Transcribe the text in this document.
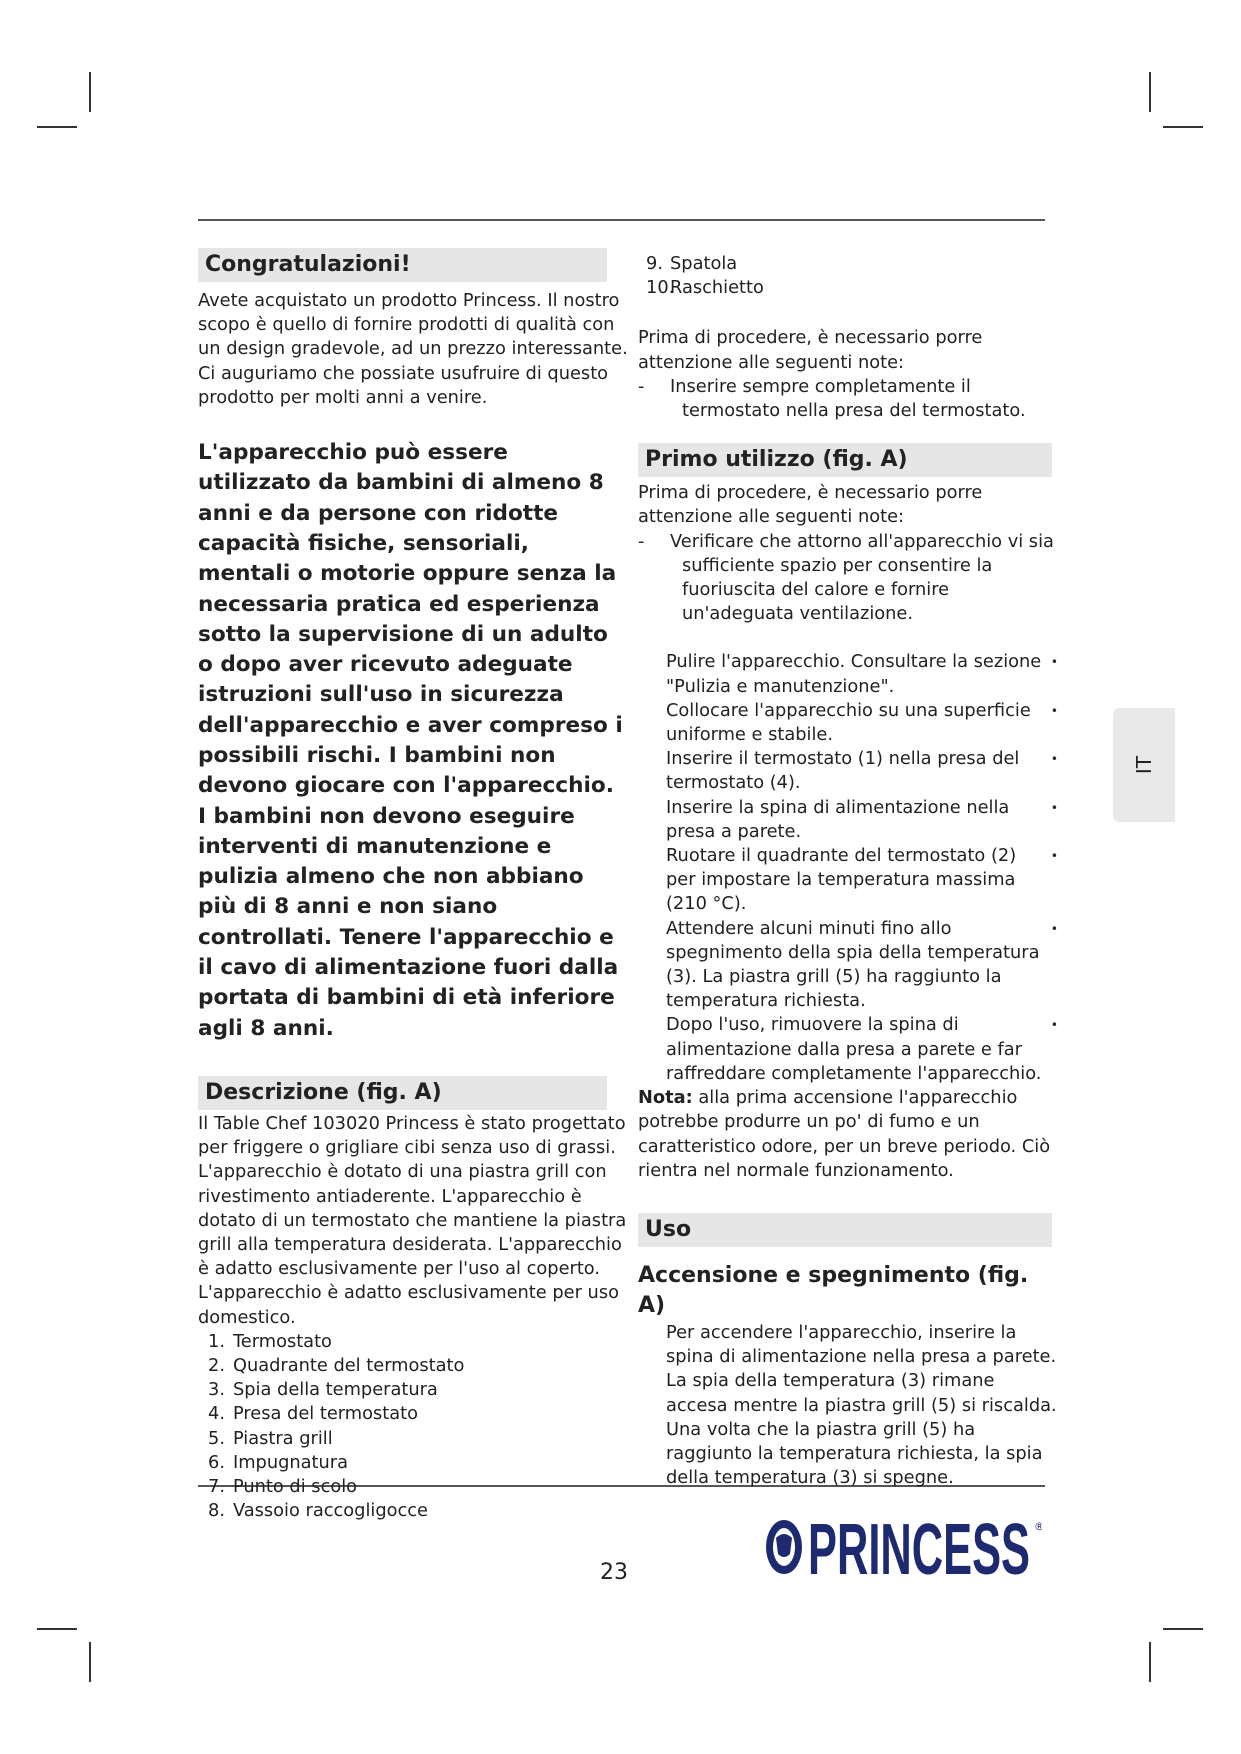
Congratulazioni!

Avete acquistato un prodotto Princess. Il nostro scopo è quello di fornire prodotti di qualità con un design gradevole, ad un prezzo interessante. Ci auguriamo che possiate usufruire di questo prodotto per molti anni a venire.

L'apparecchio può essere utilizzato da bambini di almeno 8 anni e da persone con ridotte capacità fisiche, sensoriali, mentali o motorie oppure senza la necessaria pratica ed esperienza sotto la supervisione di un adulto o dopo aver ricevuto adeguate istruzioni sull'uso in sicurezza dell'apparecchio e aver compreso i possibili rischi. I bambini non devono giocare con l'apparecchio. I bambini non devono eseguire interventi di manutenzione e pulizia almeno che non abbiano più di 8 anni e non siano controllati. Tenere l'apparecchio e il cavo di alimentazione fuori dalla portata di bambini di età inferiore agli 8 anni.
Descrizione (fig. A)

Il Table Chef 103020 Princess è stato progettato per friggere o grigliare cibi senza uso di grassi. L'apparecchio è dotato di una piastra grill con rivestimento antiaderente. L'apparecchio è dotato di un termostato che mantiene la piastra grill alla temperatura desiderata. L'apparecchio è adatto esclusivamente per l'uso al coperto. L'apparecchio è adatto esclusivamente per uso domestico.

1. Termostato
2. Quadrante del termostato
3. Spia della temperatura
4. Presa del termostato
5. Piastra grill
6. Impugnatura
7. Punto di scolo
8. Vassoio raccogligocce
9. Spatola
10.
Raschietto

Prima di procedere, è necessario porre attenzione alle seguenti note:

-	Inserire sempre completamente il termostato nella presa del termostato.
Primo utilizzo (fig. A)

Prima di procedere, è necessario porre attenzione alle seguenti note:

-	Verificare che attorno all'apparecchio vi sia sufficiente spazio per consentire la fuoriuscita del calore e fornire un'adeguata ventilazione.
Pulire l'apparecchio. Consultare la sezione "Pulizia e manutenzione".
•
Collocare l'apparecchio su una superficie uniforme e stabile.
•
Inserire il termostato (1) nella presa del termostato (4).
•
Inserire la spina di alimentazione nella presa a parete.
•
Ruotare il quadrante del termostato (2) per impostare la temperatura massima (210 °C).
•
Attendere alcuni minuti fino allo spegnimento della spia della temperatura (3). La piastra grill (5) ha raggiunto la temperatura richiesta.
•
Dopo l'uso, rimuovere la spina di alimentazione dalla presa a parete e far raffreddare completamente l'apparecchio.
•

Nota: alla prima accensione l'apparecchio potrebbe produrre un po' di fumo e un caratteristico odore, per un breve periodo. Ciò rientra nel normale funzionamento.

Uso
Accensione e spegnimento (fig. A)

Per accendere l'apparecchio, inserire la spina di alimentazione nella presa a parete. La spia della temperatura (3) rimane accesa mentre la piastra grill (5) si riscalda. Una volta che la piastra grill (5) ha raggiunto la temperatura richiesta, la spia della temperatura (3) si spegne.

IT
23	PRINCESS ®
